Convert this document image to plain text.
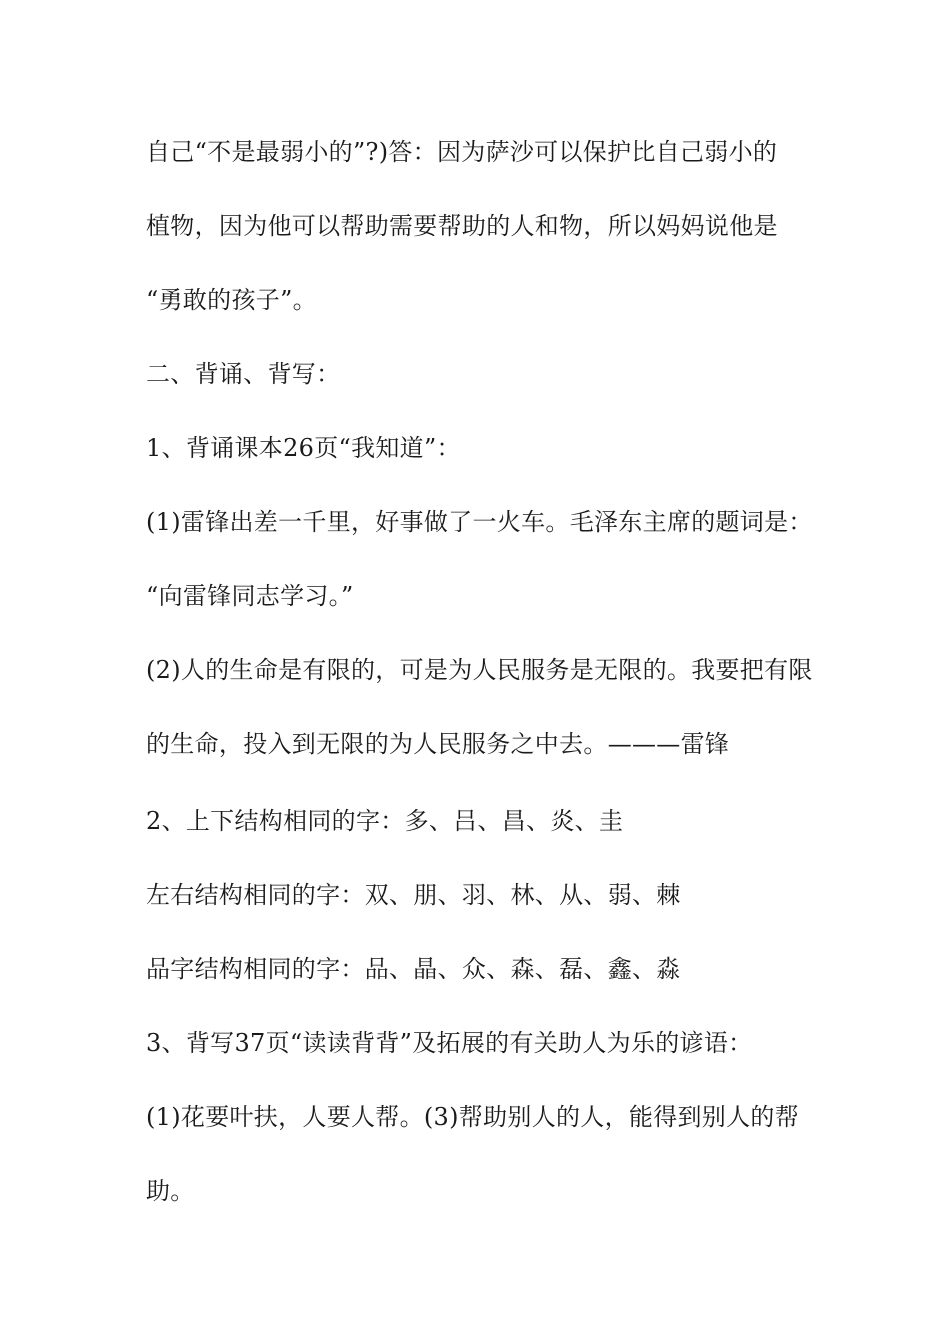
自己“不是最弱小的”?)答：因为萨沙可以保护比自己弱小的
植物，因为他可以帮助需要帮助的人和物，所以妈妈说他是
“勇敢的孩子”。
二、背诵、背写：
1、背诵课本26页“我知道”：
(1)雷锋出差一千里，好事做了一火车。毛泽东主席的题词是：
“向雷锋同志学习。”
(2)人的生命是有限的，可是为人民服务是无限的。我要把有限
的生命，投入到无限的为人民服务之中去。———雷锋
2、上下结构相同的字：多、吕、昌、炎、圭
左右结构相同的字：双、朋、羽、林、从、弱、棘
品字结构相同的字：品、晶、众、森、磊、鑫、淼
3、背写37页“读读背背”及拓展的有关助人为乐的谚语：
(1)花要叶扶，人要人帮。(3)帮助别人的人，能得到别人的帮
助。
